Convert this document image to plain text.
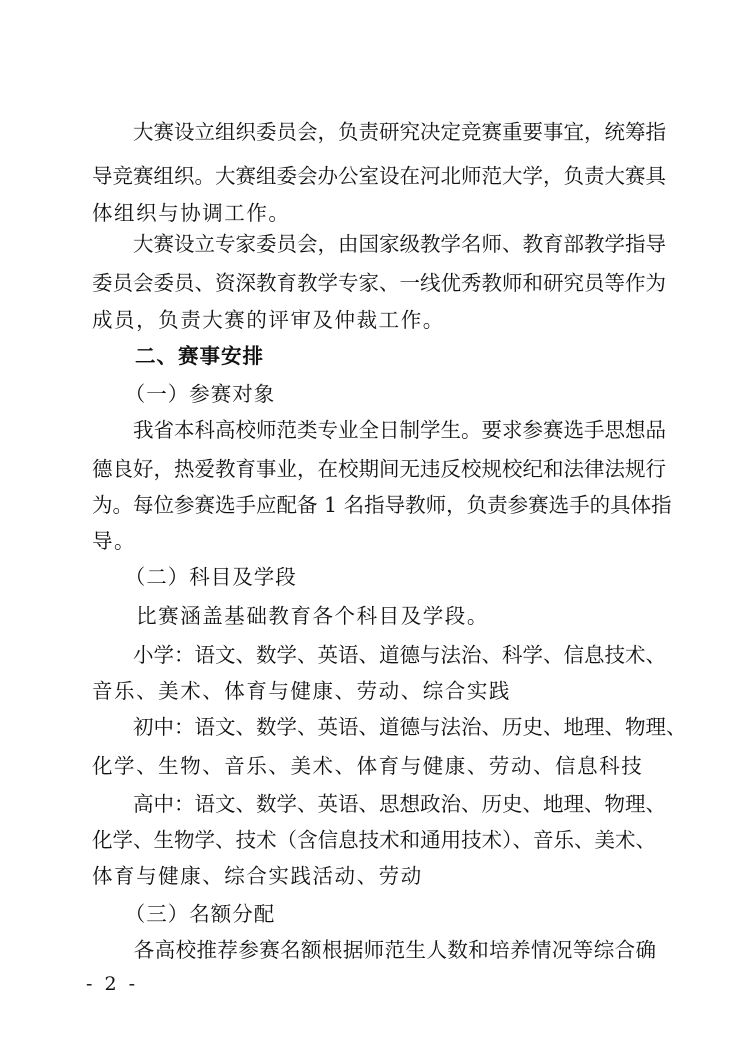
　　大赛设立组织委员会，负责研究决定竞赛重要事宜，统筹指
导竞赛组织。大赛组委会办公室设在河北师范大学，负责大赛具
体组织与协调工作。
　　大赛设立专家委员会，由国家级教学名师、教育部教学指导
委员会委员、资深教育教学专家、一线优秀教师和研究员等作为
成员，负责大赛的评审及仲裁工作。
　　二、赛事安排
　　（一）参赛对象
　　我省本科高校师范类专业全日制学生。要求参赛选手思想品
德良好，热爱教育事业，在校期间无违反校规校纪和法律法规行
为。每位参赛选手应配备 1 名指导教师，负责参赛选手的具体指
导。
　　（二）科目及学段
　　比赛涵盖基础教育各个科目及学段。
　　小学：语文、数学、英语、道德与法治、科学、信息技术、
音乐、美术、体育与健康、劳动、综合实践
　　初中：语文、数学、英语、道德与法治、历史、地理、物理、
化学、生物、音乐、美术、体育与健康、劳动、信息科技
　　高中：语文、数学、英语、思想政治、历史、地理、物理、
化学、生物学、技术（含信息技术和通用技术）、音乐、美术、
体育与健康、综合实践活动、劳动
　　（三）名额分配
　　各高校推荐参赛名额根据师范生人数和培养情况等综合确
- 2 -
